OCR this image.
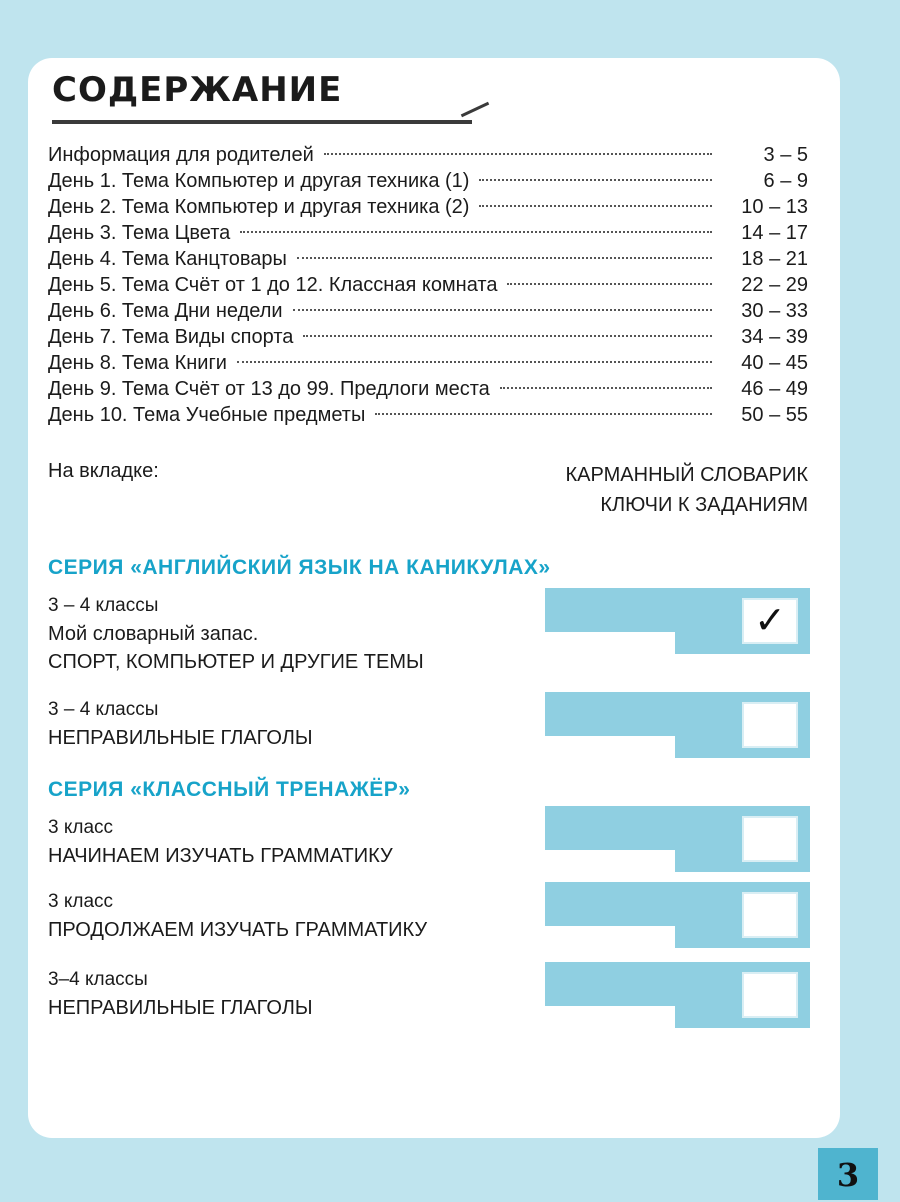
СОДЕРЖАНИЕ
Информация для родителей	3 – 5
День 1. Тема Компьютер и другая техника (1)	6 – 9
День 2. Тема Компьютер и другая техника (2)	10 – 13
День 3. Тема Цвета	14 – 17
День 4. Тема Канцтовары	18 – 21
День 5. Тема Счёт от 1 до 12. Классная комната	22 – 29
День 6. Тема Дни недели	30 – 33
День 7. Тема Виды спорта	34 – 39
День 8. Тема Книги	40 – 45
День 9. Тема Счёт от 13 до 99. Предлоги места	46 – 49
День 10. Тема Учебные предметы	50 – 55
На вкладке:	КАРМАННЫЙ СЛОВАРИК
КЛЮЧИ К ЗАДАНИЯМ
СЕРИЯ «АНГЛИЙСКИЙ ЯЗЫК НА КАНИКУЛАХ»
3 – 4 классы
Мой словарный запас.
СПОРТ, КОМПЬЮТЕР И ДРУГИЕ ТЕМЫ
✓
3 – 4 классы
НЕПРАВИЛЬНЫЕ ГЛАГОЛЫ
СЕРИЯ «КЛАССНЫЙ ТРЕНАЖЁР»
3 класс
НАЧИНАЕМ ИЗУЧАТЬ ГРАММАТИКУ
3 класс
ПРОДОЛЖАЕМ ИЗУЧАТЬ ГРАММАТИКУ
3–4 классы
НЕПРАВИЛЬНЫЕ ГЛАГОЛЫ
3
